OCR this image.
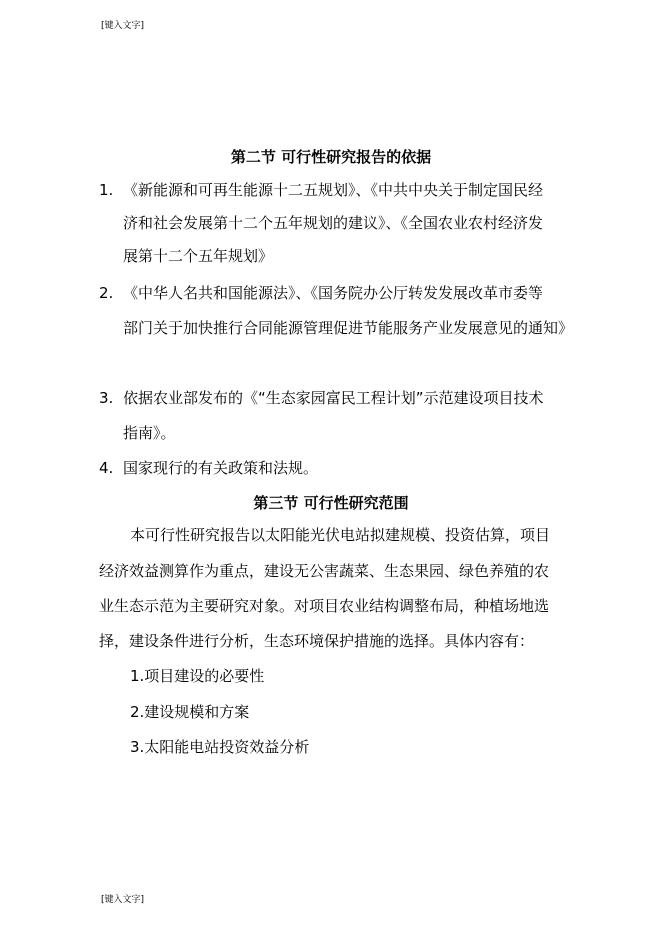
[键入文字]
第二节 可行性研究报告的依据
1. 《新能源和可再生能源十二五规划》、《中共中央关于制定国民经
济和社会发展第十二个五年规划的建议》、《全国农业农村经济发
展第十二个五年规划》
2. 《中华人名共和国能源法》、《国务院办公厅转发发展改革市委等
部门关于加快推行合同能源管理促进节能服务产业发展意见的通知》
3. 依据农业部发布的《“生态家园富民工程计划”示范建设项目技术
指南》。
4. 国家现行的有关政策和法规。
第三节 可行性研究范围
本可行性研究报告以太阳能光伏电站拟建规模、投资估算，项目
经济效益测算作为重点，建设无公害蔬菜、生态果园、绿色养殖的农
业生态示范为主要研究对象。对项目农业结构调整布局，种植场地选
择，建设条件进行分析，生态环境保护措施的选择。具体内容有：
1.项目建设的必要性
2.建设规模和方案
3.太阳能电站投资效益分析
[键入文字]
